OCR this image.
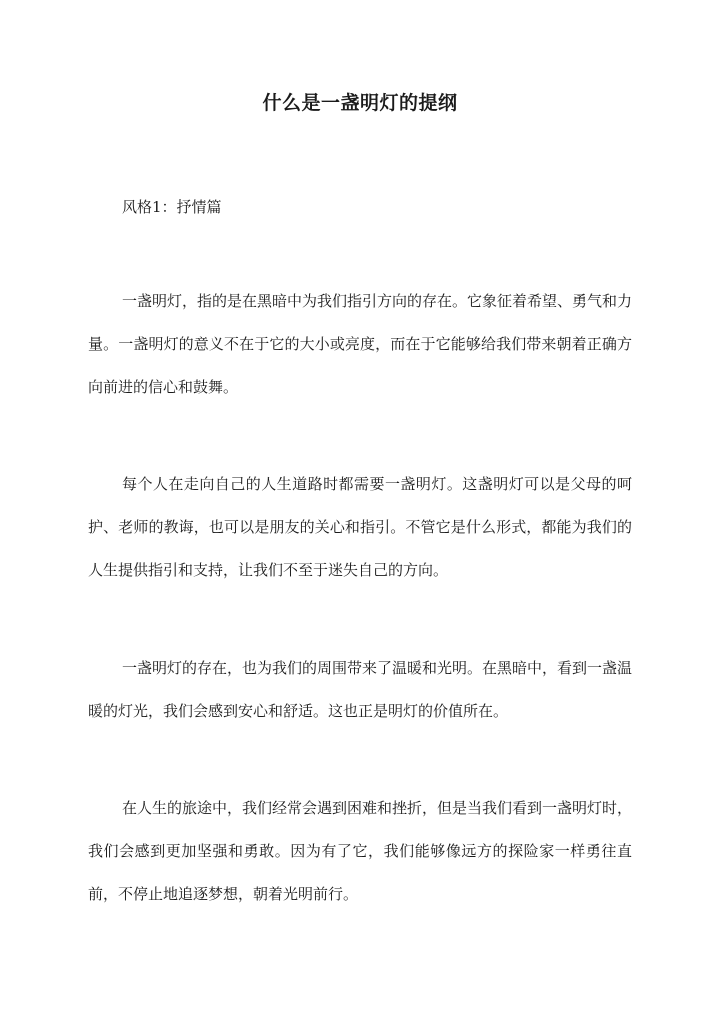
什么是一盏明灯的提纲

风格1：抒情篇

一盏明灯，指的是在黑暗中为我们指引方向的存在。它象征着希望、勇气和力量。一盏明灯的意义不在于它的大小或亮度，而在于它能够给我们带来朝着正确方向前进的信心和鼓舞。

每个人在走向自己的人生道路时都需要一盏明灯。这盏明灯可以是父母的呵护、老师的教诲，也可以是朋友的关心和指引。不管它是什么形式，都能为我们的人生提供指引和支持，让我们不至于迷失自己的方向。

一盏明灯的存在，也为我们的周围带来了温暖和光明。在黑暗中，看到一盏温暖的灯光，我们会感到安心和舒适。这也正是明灯的价值所在。

在人生的旅途中，我们经常会遇到困难和挫折，但是当我们看到一盏明灯时，我们会感到更加坚强和勇敢。因为有了它，我们能够像远方的探险家一样勇往直前，不停止地追逐梦想，朝着光明前行。
